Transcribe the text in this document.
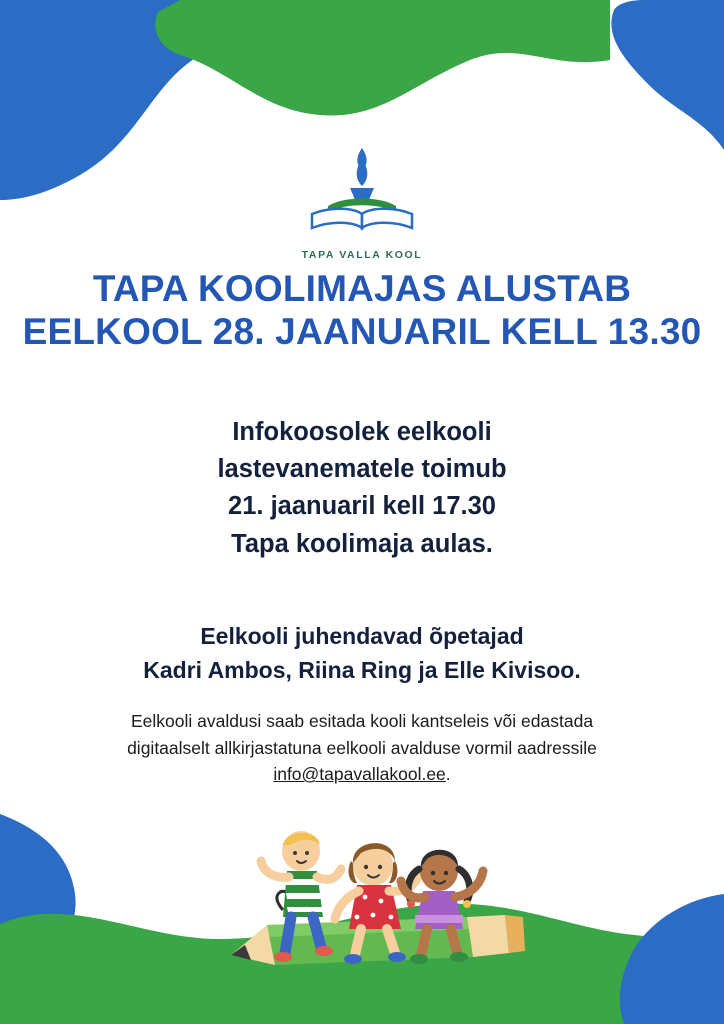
TAPA VALLA KOOL
TAPA KOOLIMAJAS ALUSTAB
EELKOOL 28. JAANUARIL KELL 13.30
Infokoosolek eelkooli
lastevanematele toimub
21. jaanuaril kell 17.30
Tapa koolimaja aulas.
Eelkooli juhendavad õpetajad
Kadri Ambos, Riina Ring ja Elle Kivisoo.
Eelkooli avaldusi saab esitada kooli kantseleis või edastada
digitaalselt allkirjastatuna eelkooli avalduse vormil aadressile
info@tapavallakool.ee.
